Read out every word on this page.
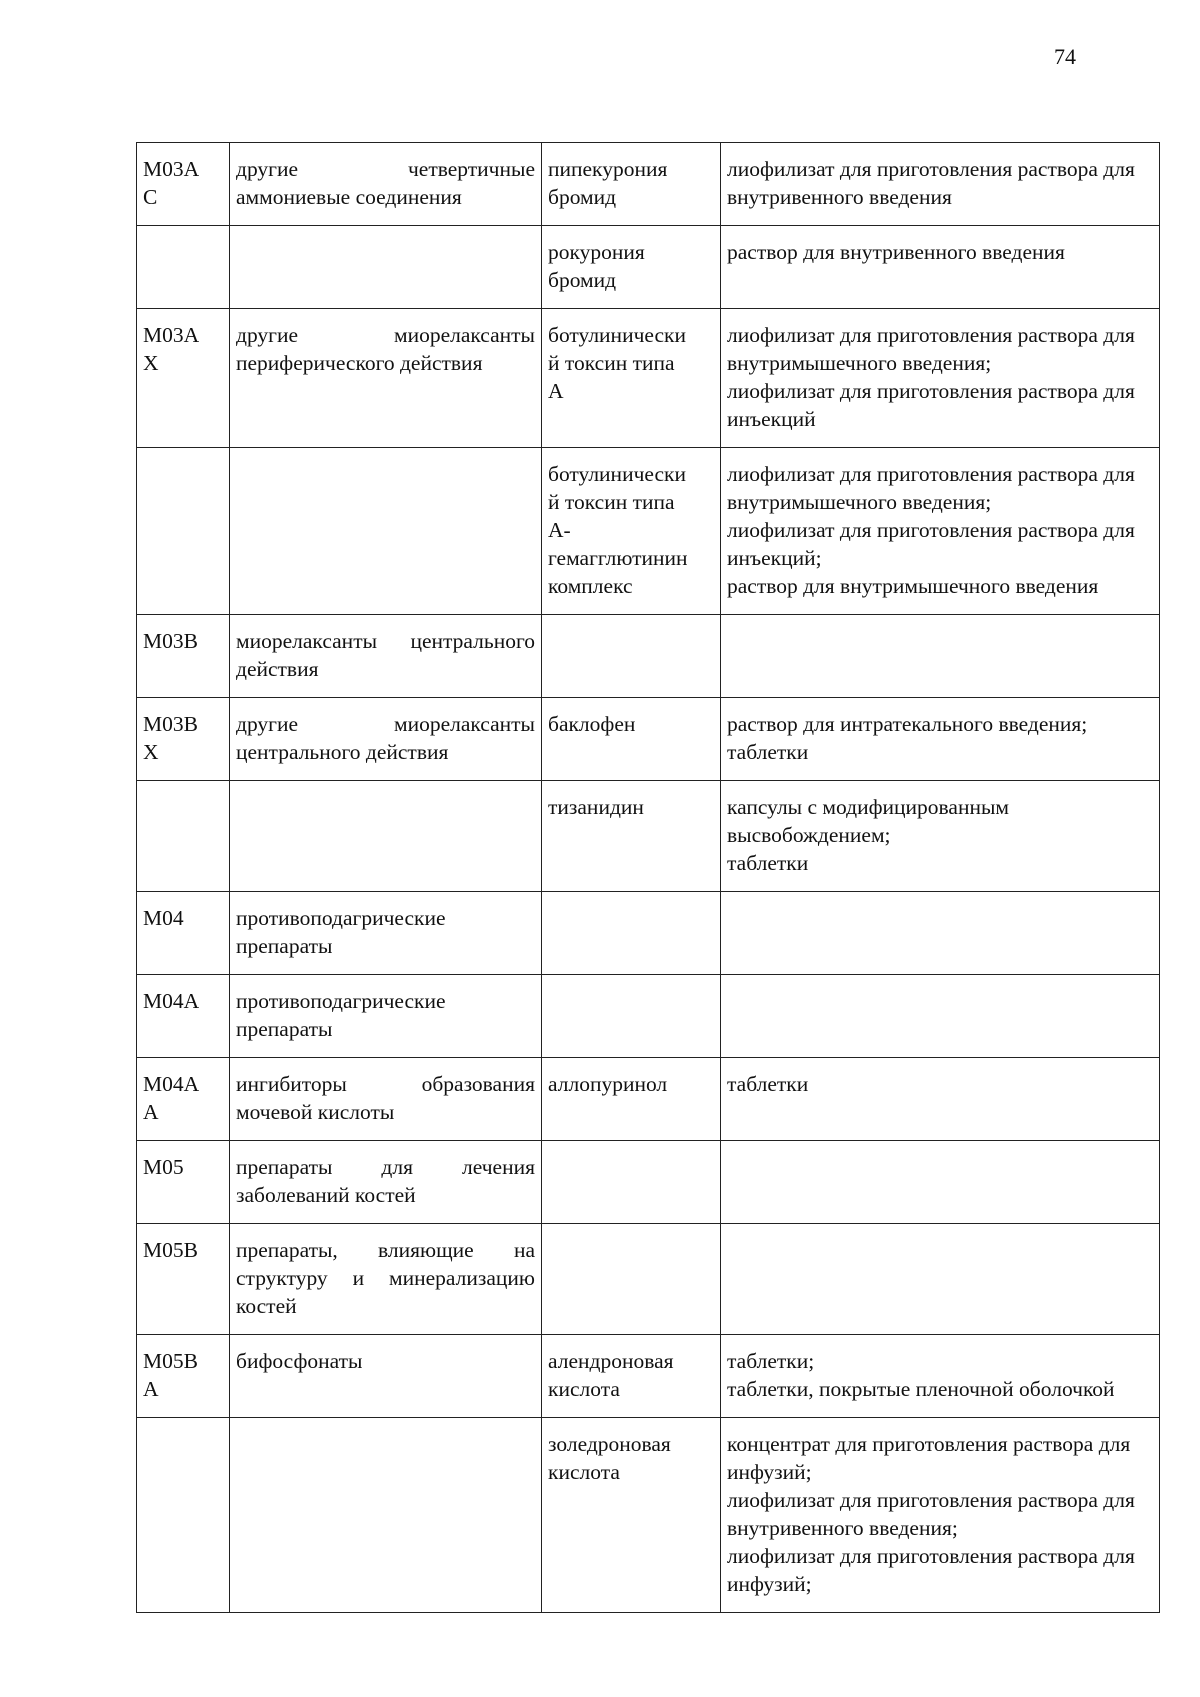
74
M03A
C	другие четвертичные аммониевые соединения	пипекурония
бромид	лиофилизат для приготовления раствора для внутривенного введения

		рокурония
бромид	раствор для внутривенного введения

M03A
X	другие миорелаксанты периферического действия	ботулинически
й токсин типа
А	лиофилизат для приготовления раствора для внутримышечного введения;
лиофилизат для приготовления раствора для инъекций

		ботулинически
й токсин типа
А-
гемагглютинин
комплекс	лиофилизат для приготовления раствора для внутримышечного введения;
лиофилизат для приготовления раствора для инъекций;
раствор для внутримышечного введения

M03B	миорелаксанты центрального действия		

M03B
X	другие миорелаксанты центрального действия	баклофен	раствор для интратекального введения;
таблетки

		тизанидин	капсулы с модифицированным высвобождением;
таблетки

M04	противоподагрические препараты		

M04A	противоподагрические препараты		

M04A
A	ингибиторы образования мочевой кислоты	аллопуринол	таблетки

M05	препараты для лечения заболеваний костей		

M05B	препараты, влияющие на структуру и минерализацию костей		

M05B
A	бифосфонаты	алендроновая
кислота	таблетки;
таблетки, покрытые пленочной оболочкой

		золедроновая
кислота	концентрат для приготовления раствора для инфузий;
лиофилизат для приготовления раствора для внутривенного введения;
лиофилизат для приготовления раствора для инфузий;
